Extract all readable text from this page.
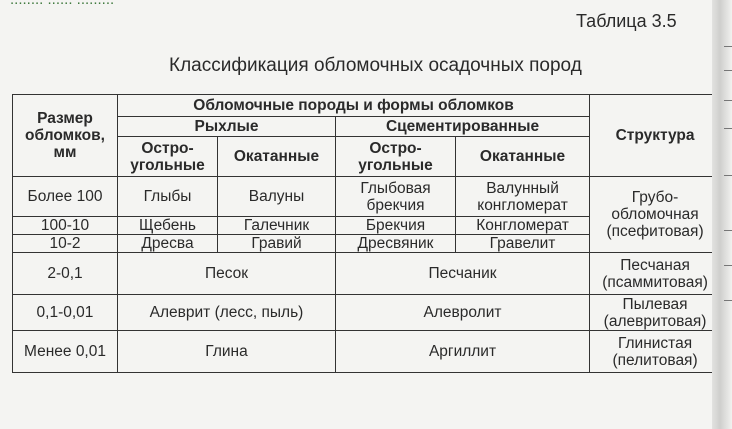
Таблица 3.5
Классификация обломочных осадочных пород
Размер обломков, мм	Обломочные породы и формы обломков				Структура
	Рыхлые		Сцементированные		
	Остро-угольные	Окатанные	Остро-угольные	Окатанные	
Более 100	Глыбы	Валуны	Глыбовая брекчия	Валунный конгломерат	Грубо-обломочная (псефитовая)
100-10	Щебень	Галечник	Брекчия	Конгломерат	
10-2	Дресва	Гравий	Дресвяник	Гравелит	
2-0,1	Песок		Песчаник		Песчаная (псаммитовая)
0,1-0,01	Алеврит (лесс, пыль)		Алевролит		Пылевая (алевритовая)
Менее 0,01	Глина		Аргиллит		Глинистая (пелитовая)
